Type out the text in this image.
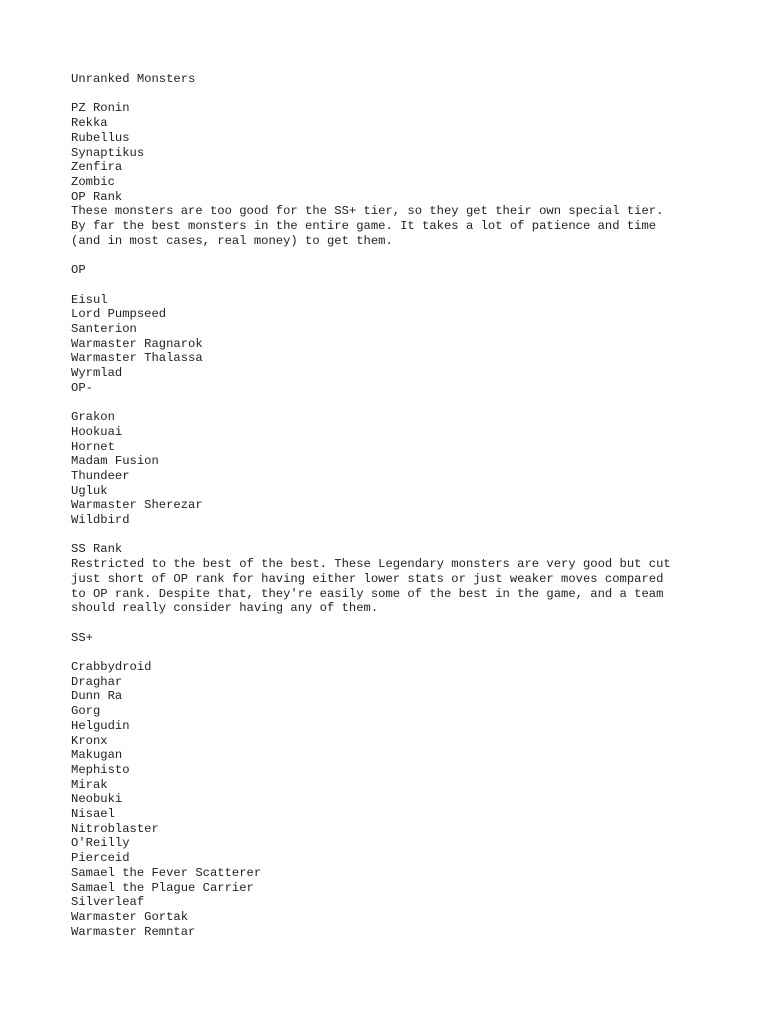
Unranked Monsters
PZ Ronin
Rekka
Rubellus
Synaptikus
Zenfira
Zombic
OP Rank
These monsters are too good for the SS+ tier, so they get their own special tier.
By far the best monsters in the entire game. It takes a lot of patience and time
(and in most cases, real money) to get them.
OP
Eisul
Lord Pumpseed
Santerion
Warmaster Ragnarok
Warmaster Thalassa
Wyrmlad
OP-
Grakon
Hookuai
Hornet
Madam Fusion
Thundeer
Ugluk
Warmaster Sherezar
Wildbird
SS Rank
Restricted to the best of the best. These Legendary monsters are very good but cut
just short of OP rank for having either lower stats or just weaker moves compared
to OP rank. Despite that, they're easily some of the best in the game, and a team
should really consider having any of them.
SS+
Crabbydroid
Draghar
Dunn Ra
Gorg
Helgudin
Kronx
Makugan
Mephisto
Mirak
Neobuki
Nisael
Nitroblaster
O'Reilly
Pierceid
Samael the Fever Scatterer
Samael the Plague Carrier
Silverleaf
Warmaster Gortak
Warmaster Remntar
